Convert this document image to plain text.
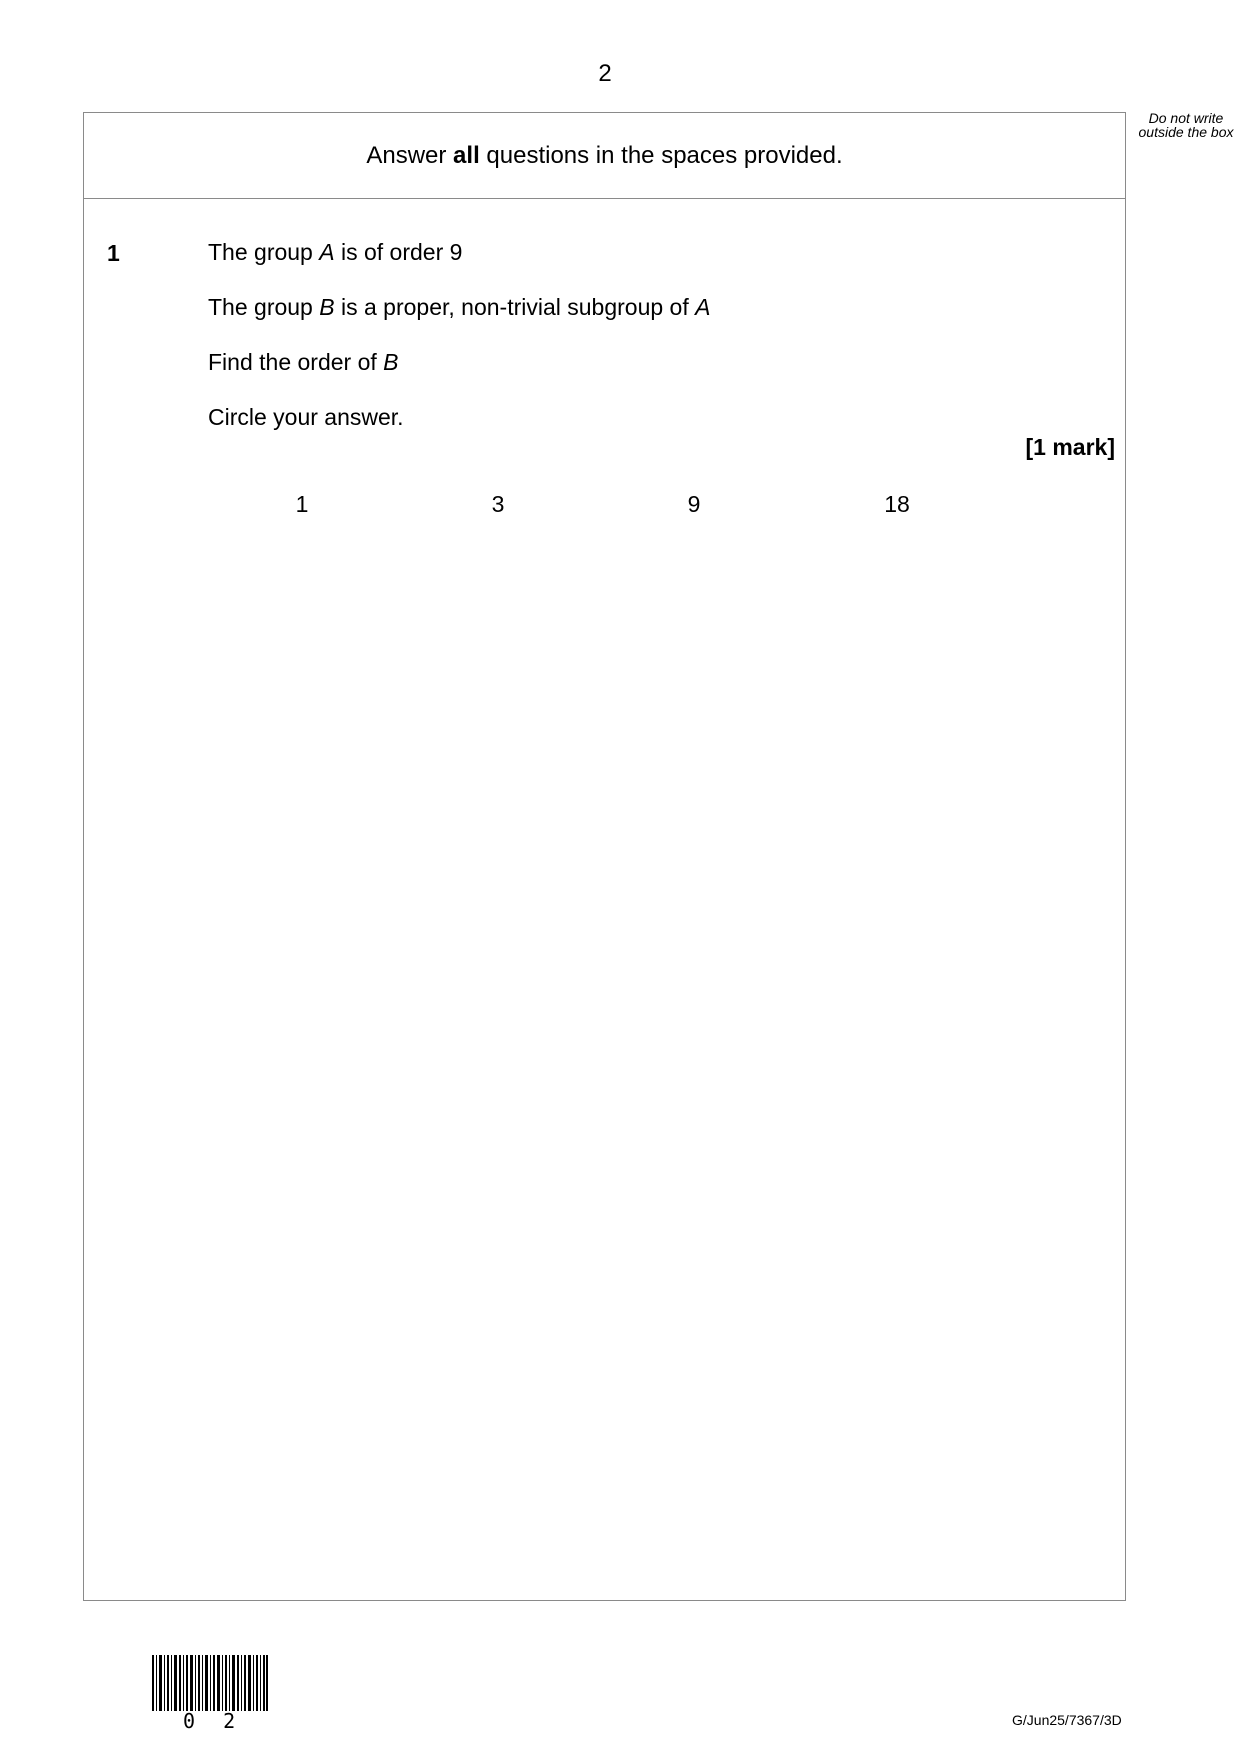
2
Do not write outside the box
Answer all questions in the spaces provided.
1	The group A is of order 9
The group B is a proper, non-trivial subgroup of A
Find the order of B
Circle your answer.
[1 mark]
1	3	9	18
0 2	G/Jun25/7367/3D
